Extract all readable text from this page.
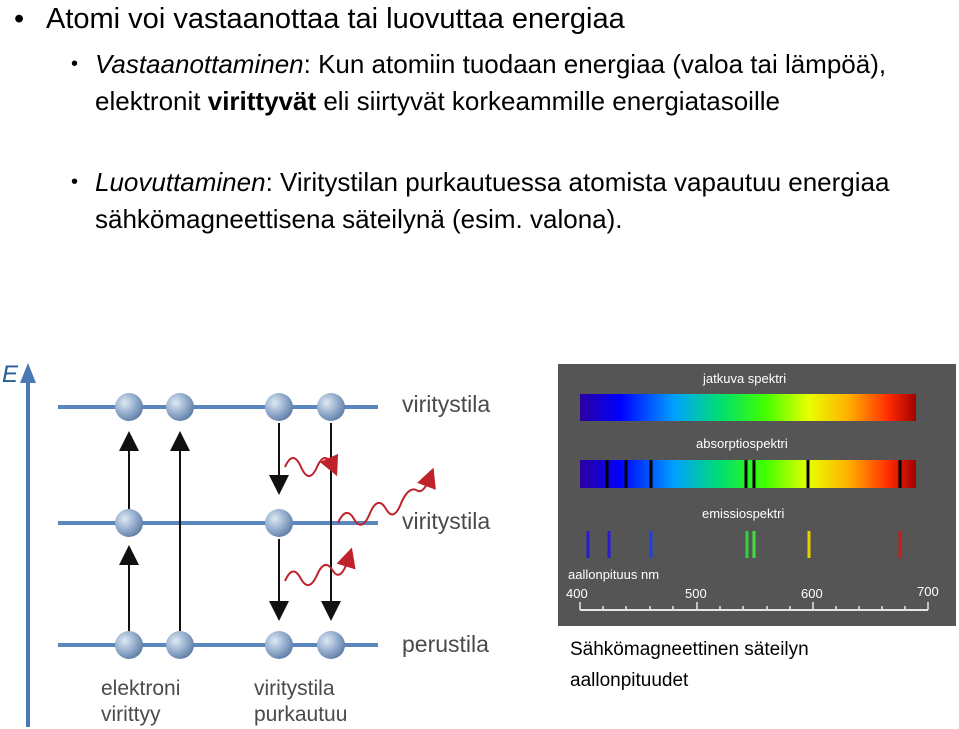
• Atomi voi vastaanottaa tai luovuttaa energiaa
• Vastaanottaminen: Kun atomiin tuodaan energiaa (valoa tai lämpöä), elektronit virittyvät eli siirtyvät korkeammille energiatasoille
• Luovuttaminen: Viritystilan purkautuessa atomista vapautuu energiaa sähkömagneettisena säteilynä (esim. valona).
E
viritystila
viritystila
perustila
elektroni
virittyy
viritystila
purkautuu
jatkuva spektri
absorptiospektri
emissiospektri
aallonpituus nm
400	500	600	700
Sähkömagneettinen säteilyn aallonpituudet
